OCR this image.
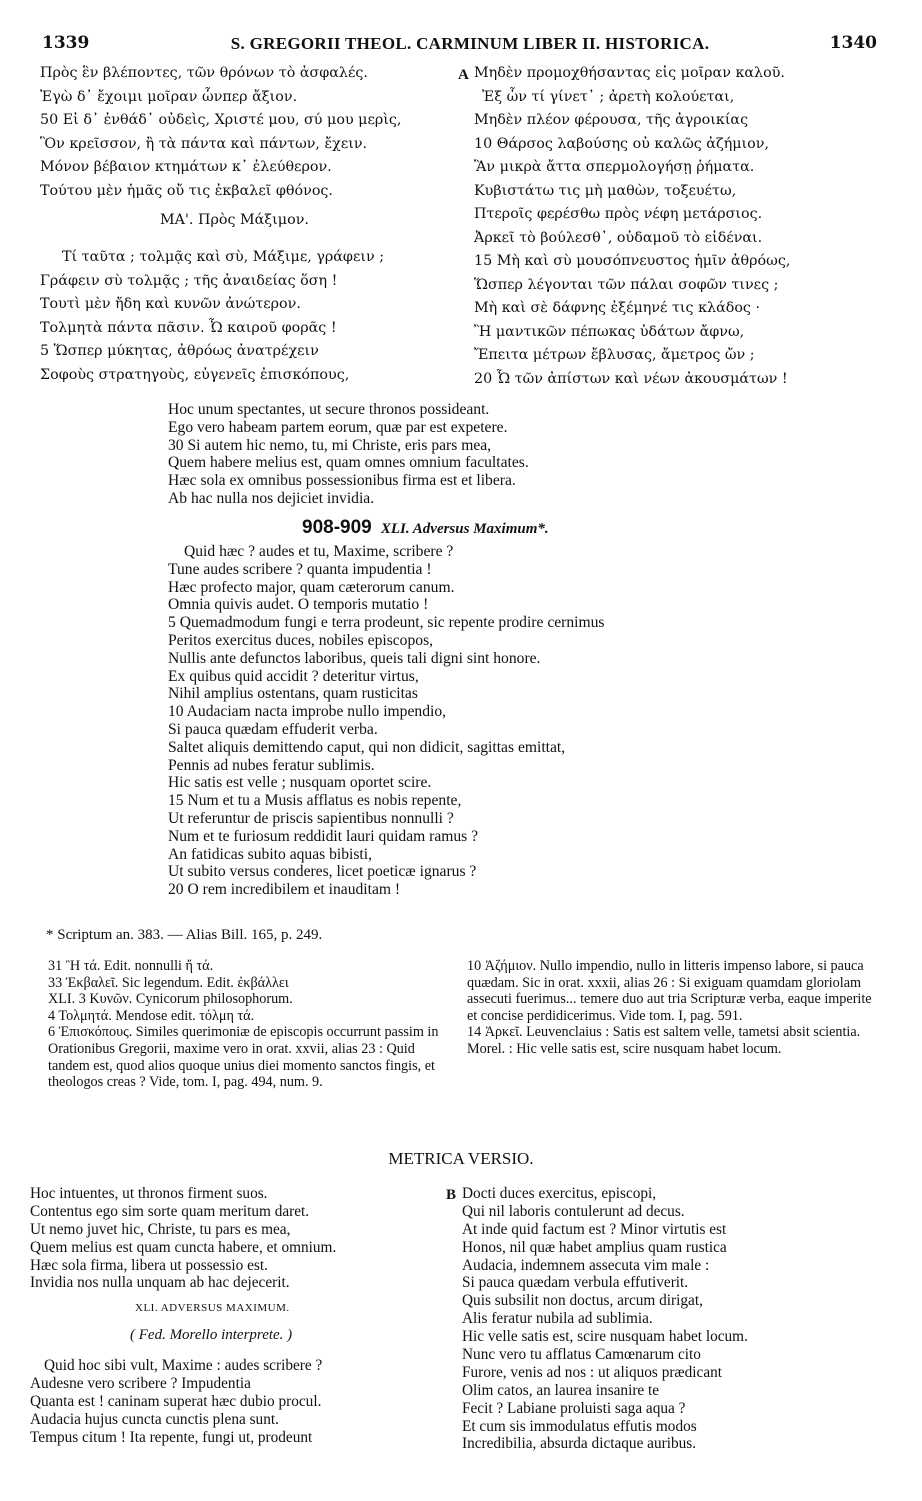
1339	S. GREGORII THEOL. CARMINUM LIBER II. HISTORICA.	1340
Πρὸς ἓν βλέποντες, τῶν θρόνων τὸ ἀσφαλές.
Ἐγὼ δ᾽ ἔχοιμι μοῖραν ὧνπερ ἄξιον.
50 Εἰ δ᾽ ἐνθάδ᾽ οὐδεὶς, Χριστέ μου, σύ μου μερὶς,
Ὃν κρεῖσσον, ἢ τὰ πάντα καὶ πάντων, ἔχειν.
Μόνον βέβαιον κτημάτων κ᾽ ἐλεύθερον.
Τούτου μὲν ἡμᾶς οὔ τις ἐκβαλεῖ φθόνος.
ΜΑ'. Πρὸς Μάξιμον.
Τί ταῦτα ; τολμᾷς καὶ σὺ, Μάξιμε, γράφειν ;
Γράφειν σὺ τολμᾷς ; τῆς ἀναιδείας ὅση !
Τουτὶ μὲν ἤδη καὶ κυνῶν ἀνώτερον.
Τολμητὰ πάντα πᾶσιν. Ὦ καιροῦ φορᾶς !
5 Ὥσπερ μύκητας, ἀθρόως ἀνατρέχειν
Σοφοὺς στρατηγοὺς, εὐγενεῖς ἐπισκόπους,
A Μηδὲν προμοχθήσαντας εἰς μοῖραν καλοῦ.
Ἐξ ὧν τί γίνετ᾽ ; ἀρετὴ κολούεται,
Μηδὲν πλέον φέρουσα, τῆς ἀγροικίας
10 Θάρσος λαβούσης οὐ καλῶς ἀζήμιον,
Ἂν μικρὰ ἄττα σπερμολογήσῃ ῥήματα.
Κυβιστάτω τις μὴ μαθὼν, τοξευέτω,
Πτεροῖς φερέσθω πρὸς νέφη μετάρσιος.
Ἀρκεῖ τὸ βούλεσθ᾽, οὐδαμοῦ τὸ εἰδέναι.
15 Μὴ καὶ σὺ μουσόπνευστος ἡμῖν ἀθρόως,
Ὥσπερ λέγονται τῶν πάλαι σοφῶν τινες ;
Μὴ καὶ σὲ δάφνης ἐξέμηνέ τις κλάδος ·
Ἢ μαντικῶν πέπωκας ὑδάτων ἄφνω,
Ἔπειτα μέτρων ἔβλυσας, ἄμετρος ὤν ;
20 Ὦ τῶν ἀπίστων καὶ νέων ἀκουσμάτων !
Hoc unum spectantes, ut secure thronos possideant.
Ego vero habeam partem eorum, quæ par est expetere.
30 Si autem hic nemo, tu, mi Christe, eris pars mea,
Quem habere melius est, quam omnes omnium facultates.
Hæc sola ex omnibus possessionibus firma est et libera.
Ab hac nulla nos dejiciet invidia.
908-909 XLI. Adversus Maximum*.
Quid hæc ? audes et tu, Maxime, scribere ?
Tune audes scribere ? quanta impudentia !
Hæc profecto major, quam cæterorum canum.
Omnia quivis audet. O temporis mutatio !
5 Quemadmodum fungi e terra prodeunt, sic repente prodire cernimus
Peritos exercitus duces, nobiles episcopos,
Nullis ante defunctos laboribus, queis tali digni sint honore.
Ex quibus quid accidit ? deteritur virtus,
Nihil amplius ostentans, quam rusticitas
10 Audaciam nacta improbe nullo impendio,
Si pauca quædam effuderit verba.
Saltet aliquis demittendo caput, qui non didicit, sagittas emittat,
Pennis ad nubes feratur sublimis.
Hic satis est velle ; nusquam oportet scire.
15 Num et tu a Musis afflatus es nobis repente,
Ut referuntur de priscis sapientibus nonnulli ?
Num et te furiosum reddidit lauri quidam ramus ?
An fatidicas subito aquas bibisti,
Ut subito versus conderes, licet poeticæ ignarus ?
20 O rem incredibilem et inauditam !
* Scriptum an. 383. — Alias Bill. 165, p. 249.

31 Ἢ τά. Edit. nonnulli ἤ τά.

33 Ἐκβαλεῖ. Sic legendum. Edit. ἐκβάλλει

XLI. 3 Κυνῶν. Cynicorum philosophorum.

4 Τολμητά. Mendose edit. τόλμη τά.

6 Ἐπισκόπους. Similes querimoniæ de episcopis occurrunt passim in Orationibus Gregorii, maxime vero in orat. xxvii, alias 23 : Quid tandem est, quod alios quoque unius diei momento sanctos fingis, et theologos creas ? Vide, tom. I, pag. 494, num. 9.

10 Ἀζήμιον. Nullo impendio, nullo in litteris impenso labore, si pauca quædam. Sic in orat. xxxii, alias 26 : Si exiguam quamdam gloriolam assecuti fuerimus... temere duo aut tria Scripturæ verba, eaque imperite et concise perdidicerimus. Vide tom. I, pag. 591.

14 Ἀρκεῖ. Leuvenclaius : Satis est saltem velle, tametsi absit scientia. Morel. : Hic velle satis est, scire nusquam habet locum.

METRICA VERSIO.
Hoc intuentes, ut thronos firment suos.
Contentus ego sim sorte quam meritum daret.
Ut nemo juvet hic, Christe, tu pars es mea,
Quem melius est quam cuncta habere, et omnium.
Hæc sola firma, libera ut possessio est.
Invidia nos nulla unquam ab hac dejecerit.
XLI. ADVERSUS MAXIMUM.
( Fed. Morello interprete. )
Quid hoc sibi vult, Maxime : audes scribere ?
Audesne vero scribere ? Impudentia
Quanta est ! caninam superat hæc dubio procul.
Audacia hujus cuncta cunctis plena sunt.
Tempus citum ! Ita repente, fungi ut, prodeunt
B Docti duces exercitus, episcopi,
Qui nil laboris contulerunt ad decus.
At inde quid factum est ? Minor virtutis est
Honos, nil quæ habet amplius quam rustica
Audacia, indemnem assecuta vim male :
Si pauca quædam verbula effutiverit.
Quis subsilit non doctus, arcum dirigat,
Alis feratur nubila ad sublimia.
Hic velle satis est, scire nusquam habet locum.
Nunc vero tu afflatus Camœnarum cito
Furore, venis ad nos : ut aliquos prædicant
Olim catos, an laurea insanire te
Fecit ? Labiane proluisti saga aqua ?
Et cum sis immodulatus effutis modos
Incredibilia, absurda dictaque auribus.
